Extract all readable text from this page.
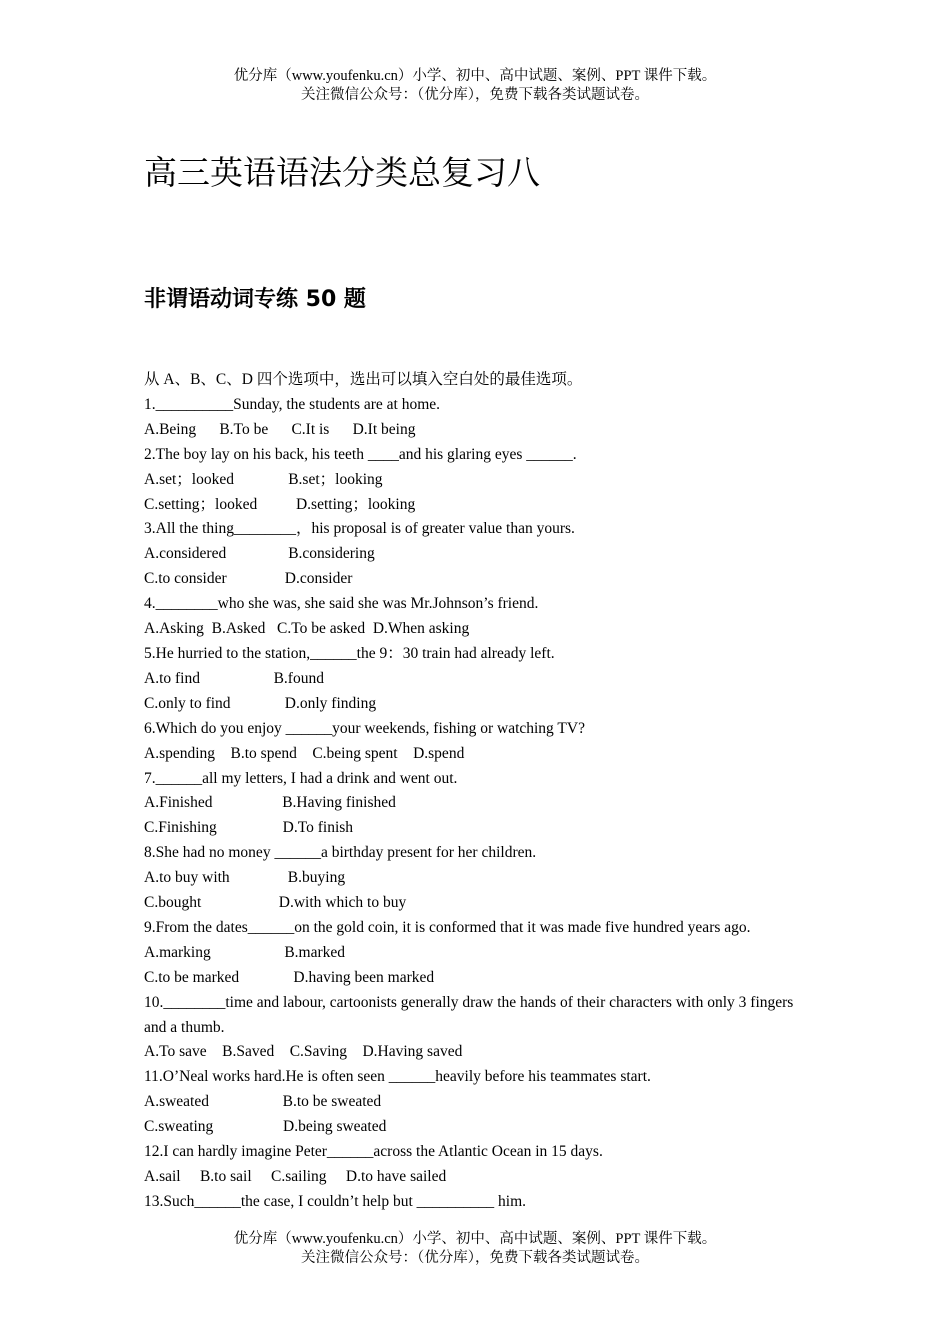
优分库（www.youfenku.cn）小学、初中、高中试题、案例、PPT 课件下载。
关注微信公众号：（优分库），免费下载各类试题试卷。
高三英语语法分类总复习八
非谓语动词专练 50 题
从 A、B、C、D 四个选项中，选出可以填入空白处的最佳选项。
1.__________Sunday, the students are at home.
A.Being      B.To be      C.It is      D.It being
2.The boy lay on his back, his teeth ____and his glaring eyes ______.
A.set；looked              B.set；looking
C.setting；looked          D.setting；looking
3.All the thing________，his proposal is of greater value than yours.
A.considered                B.considering
C.to consider               D.consider
4.________who she was, she said she was Mr.Johnson’s friend.
A.Asking  B.Asked   C.To be asked  D.When asking
5.He hurried to the station,______the 9：30 train had already left.
A.to find                   B.found
C.only to find              D.only finding
6.Which do you enjoy ______your weekends, fishing or watching TV?
A.spending    B.to spend    C.being spent    D.spend
7.______all my letters, I had a drink and went out.
A.Finished                  B.Having finished
C.Finishing                 D.To finish
8.She had no money ______a birthday present for her children.
A.to buy with               B.buying
C.bought                    D.with which to buy
9.From the dates______on the gold coin, it is conformed that it was made five hundred years ago.
A.marking                   B.marked
C.to be marked              D.having been marked
10.________time and labour, cartoonists generally draw the hands of their characters with only 3 fingers and a thumb.
A.To save    B.Saved    C.Saving    D.Having saved
11.O’Neal works hard.He is often seen ______heavily before his teammates start.
A.sweated                   B.to be sweated
C.sweating                  D.being sweated
12.I can hardly imagine Peter______across the Atlantic Ocean in 15 days.
A.sail     B.to sail     C.sailing     D.to have sailed
13.Such______the case, I couldn’t help but __________ him.
优分库（www.youfenku.cn）小学、初中、高中试题、案例、PPT 课件下载。
关注微信公众号：（优分库），免费下载各类试题试卷。
